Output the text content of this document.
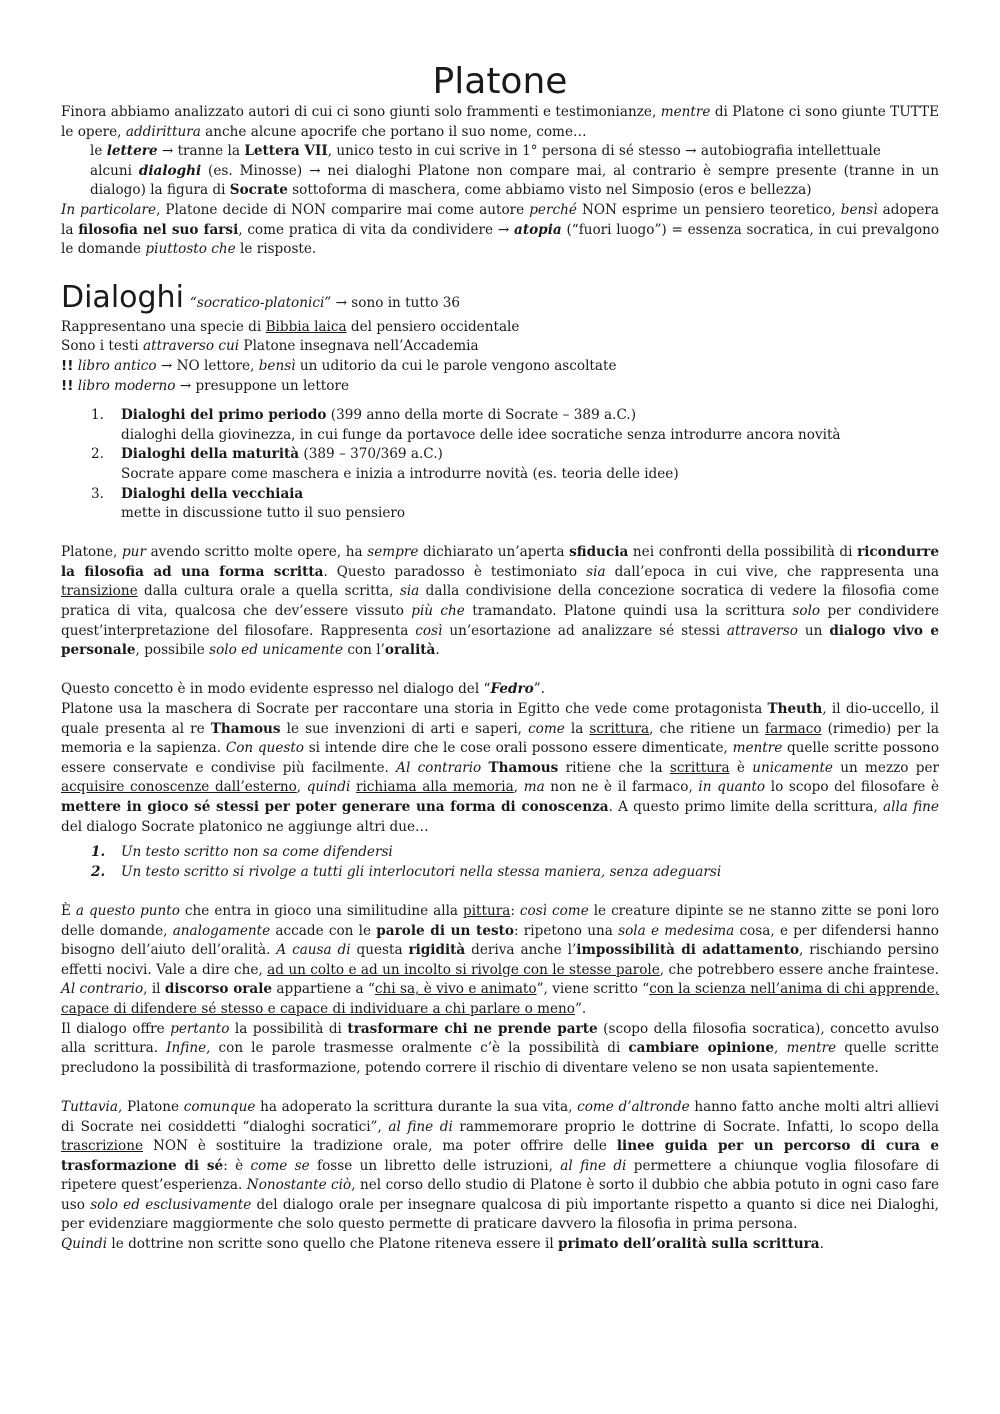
Platone

Finora abbiamo analizzato autori di cui ci sono giunti solo frammenti e testimonianze, mentre di Platone ci sono giunte TUTTE le opere, addirittura anche alcune apocrife che portano il suo nome, come…

le lettere → tranne la Lettera VII, unico testo in cui scrive in 1° persona di sé stesso → autobiografia intellettuale

alcuni dialoghi (es. Minosse) → nei dialoghi Platone non compare mai, al contrario è sempre presente (tranne in un dialogo) la figura di Socrate sottoforma di maschera, come abbiamo visto nel Simposio (eros e bellezza)

In particolare, Platone decide di NON comparire mai come autore perché NON esprime un pensiero teoretico, bensì adopera la filosofia nel suo farsi, come pratica di vita da condividere → atopia (“fuori luogo”) = essenza socratica, in cui prevalgono le domande piuttosto che le risposte.

Dialoghi “socratico-platonici” → sono in tutto 36

Rappresentano una specie di Bibbia laica del pensiero occidentale

Sono i testi attraverso cui Platone insegnava nell’Accademia

!! libro antico → NO lettore, bensì un uditorio da cui le parole vengono ascoltate

!! libro moderno → presuppone un lettore

1. Dialoghi del primo periodo (399 anno della morte di Socrate – 389 a.C.)
dialoghi della giovinezza, in cui funge da portavoce delle idee socratiche senza introdurre ancora novità
2. Dialoghi della maturità (389 – 370/369 a.C.)
Socrate appare come maschera e inizia a introdurre novità (es. teoria delle idee)
3. Dialoghi della vecchiaia
mette in discussione tutto il suo pensiero

Platone, pur avendo scritto molte opere, ha sempre dichiarato un’aperta sfiducia nei confronti della possibilità di ricondurre la filosofia ad una forma scritta. Questo paradosso è testimoniato sia dall’epoca in cui vive, che rappresenta una transizione dalla cultura orale a quella scritta, sia dalla condivisione della concezione socratica di vedere la filosofia come pratica di vita, qualcosa che dev’essere vissuto più che tramandato. Platone quindi usa la scrittura solo per condividere quest’interpretazione del filosofare. Rappresenta così un’esortazione ad analizzare sé stessi attraverso un dialogo vivo e personale, possibile solo ed unicamente con l’oralità.

Questo concetto è in modo evidente espresso nel dialogo del “Fedro”.

Platone usa la maschera di Socrate per raccontare una storia in Egitto che vede come protagonista Theuth, il dio-uccello, il quale presenta al re Thamous le sue invenzioni di arti e saperi, come la scrittura, che ritiene un farmaco (rimedio) per la memoria e la sapienza. Con questo si intende dire che le cose orali possono essere dimenticate, mentre quelle scritte possono essere conservate e condivise più facilmente. Al contrario Thamous ritiene che la scrittura è unicamente un mezzo per acquisire conoscenze dall’esterno, quindi richiama alla memoria, ma non ne è il farmaco, in quanto lo scopo del filosofare è mettere in gioco sé stessi per poter generare una forma di conoscenza. A questo primo limite della scrittura, alla fine del dialogo Socrate platonico ne aggiunge altri due…

1. Un testo scritto non sa come difendersi
2. Un testo scritto si rivolge a tutti gli interlocutori nella stessa maniera, senza adeguarsi

È a questo punto che entra in gioco una similitudine alla pittura: così come le creature dipinte se ne stanno zitte se poni loro delle domande, analogamente accade con le parole di un testo: ripetono una sola e medesima cosa, e per difendersi hanno bisogno dell’aiuto dell’oralità. A causa di questa rigidità deriva anche l’impossibilità di adattamento, rischiando persino effetti nocivi. Vale a dire che, ad un colto e ad un incolto si rivolge con le stesse parole, che potrebbero essere anche fraintese. Al contrario, il discorso orale appartiene a “chi sa, è vivo e animato”, viene scritto “con la scienza nell’anima di chi apprende, capace di difendere sé stesso e capace di individuare a chi parlare o meno”.

Il dialogo offre pertanto la possibilità di trasformare chi ne prende parte (scopo della filosofia socratica), concetto avulso alla scrittura. Infine, con le parole trasmesse oralmente c’è la possibilità di cambiare opinione, mentre quelle scritte precludono la possibilità di trasformazione, potendo correre il rischio di diventare veleno se non usata sapientemente.

Tuttavia, Platone comunque ha adoperato la scrittura durante la sua vita, come d’altronde hanno fatto anche molti altri allievi di Socrate nei cosiddetti “dialoghi socratici”, al fine di rammemorare proprio le dottrine di Socrate. Infatti, lo scopo della trascrizione NON è sostituire la tradizione orale, ma poter offrire delle linee guida per un percorso di cura e trasformazione di sé: è come se fosse un libretto delle istruzioni, al fine di permettere a chiunque voglia filosofare di ripetere quest’esperienza. Nonostante ciò, nel corso dello studio di Platone è sorto il dubbio che abbia potuto in ogni caso fare uso solo ed esclusivamente del dialogo orale per insegnare qualcosa di più importante rispetto a quanto si dice nei Dialoghi, per evidenziare maggiormente che solo questo permette di praticare davvero la filosofia in prima persona.

Quindi le dottrine non scritte sono quello che Platone riteneva essere il primato dell’oralità sulla scrittura.
